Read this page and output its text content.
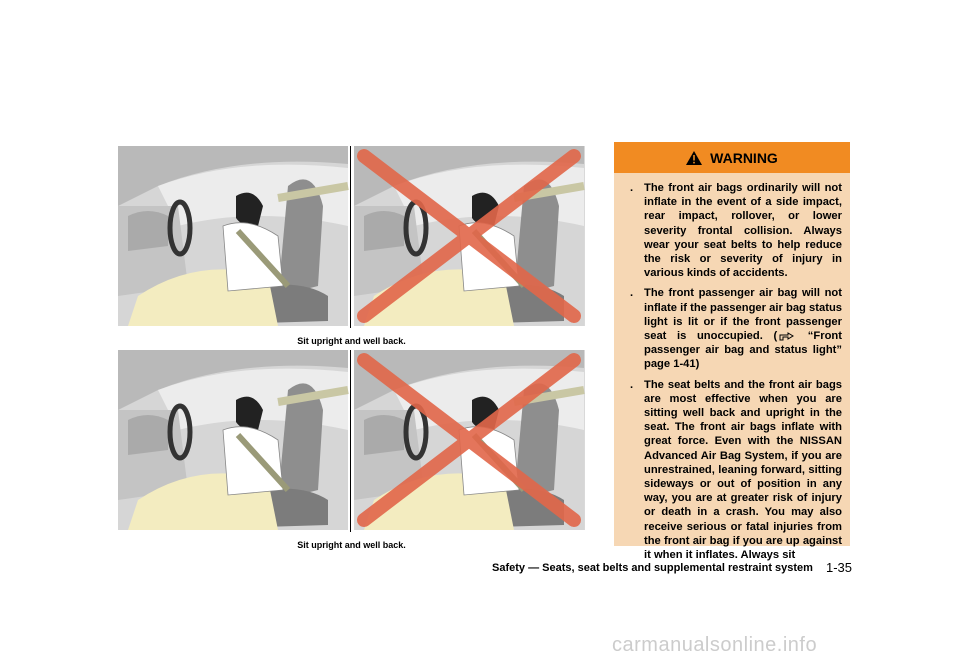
Sit upright and well back.
Sit upright and well back.
WARNING
. The front air bags ordinarily will not inflate in the event of a side impact, rear impact, rollover, or lower severity frontal collision. Always wear your seat belts to help reduce the risk or severity of injury in various kinds of accidents.
. The front passenger air bag will not inflate if the passenger air bag status light is lit or if the front passenger seat is unoccupied. ( “Front passenger air bag and status light” page 1-41)
. The seat belts and the front air bags are most effective when you are sitting well back and upright in the seat. The front air bags inflate with great force. Even with the NISSAN Advanced Air Bag System, if you are unrestrained, leaning forward, sitting sideways or out of position in any way, you are at greater risk of injury or death in a crash. You may also receive serious or fatal injuries from the front air bag if you are up against it when it inflates. Always sit
Safety — Seats, seat belts and supplemental restraint system 1-35
carmanualsonline.info
